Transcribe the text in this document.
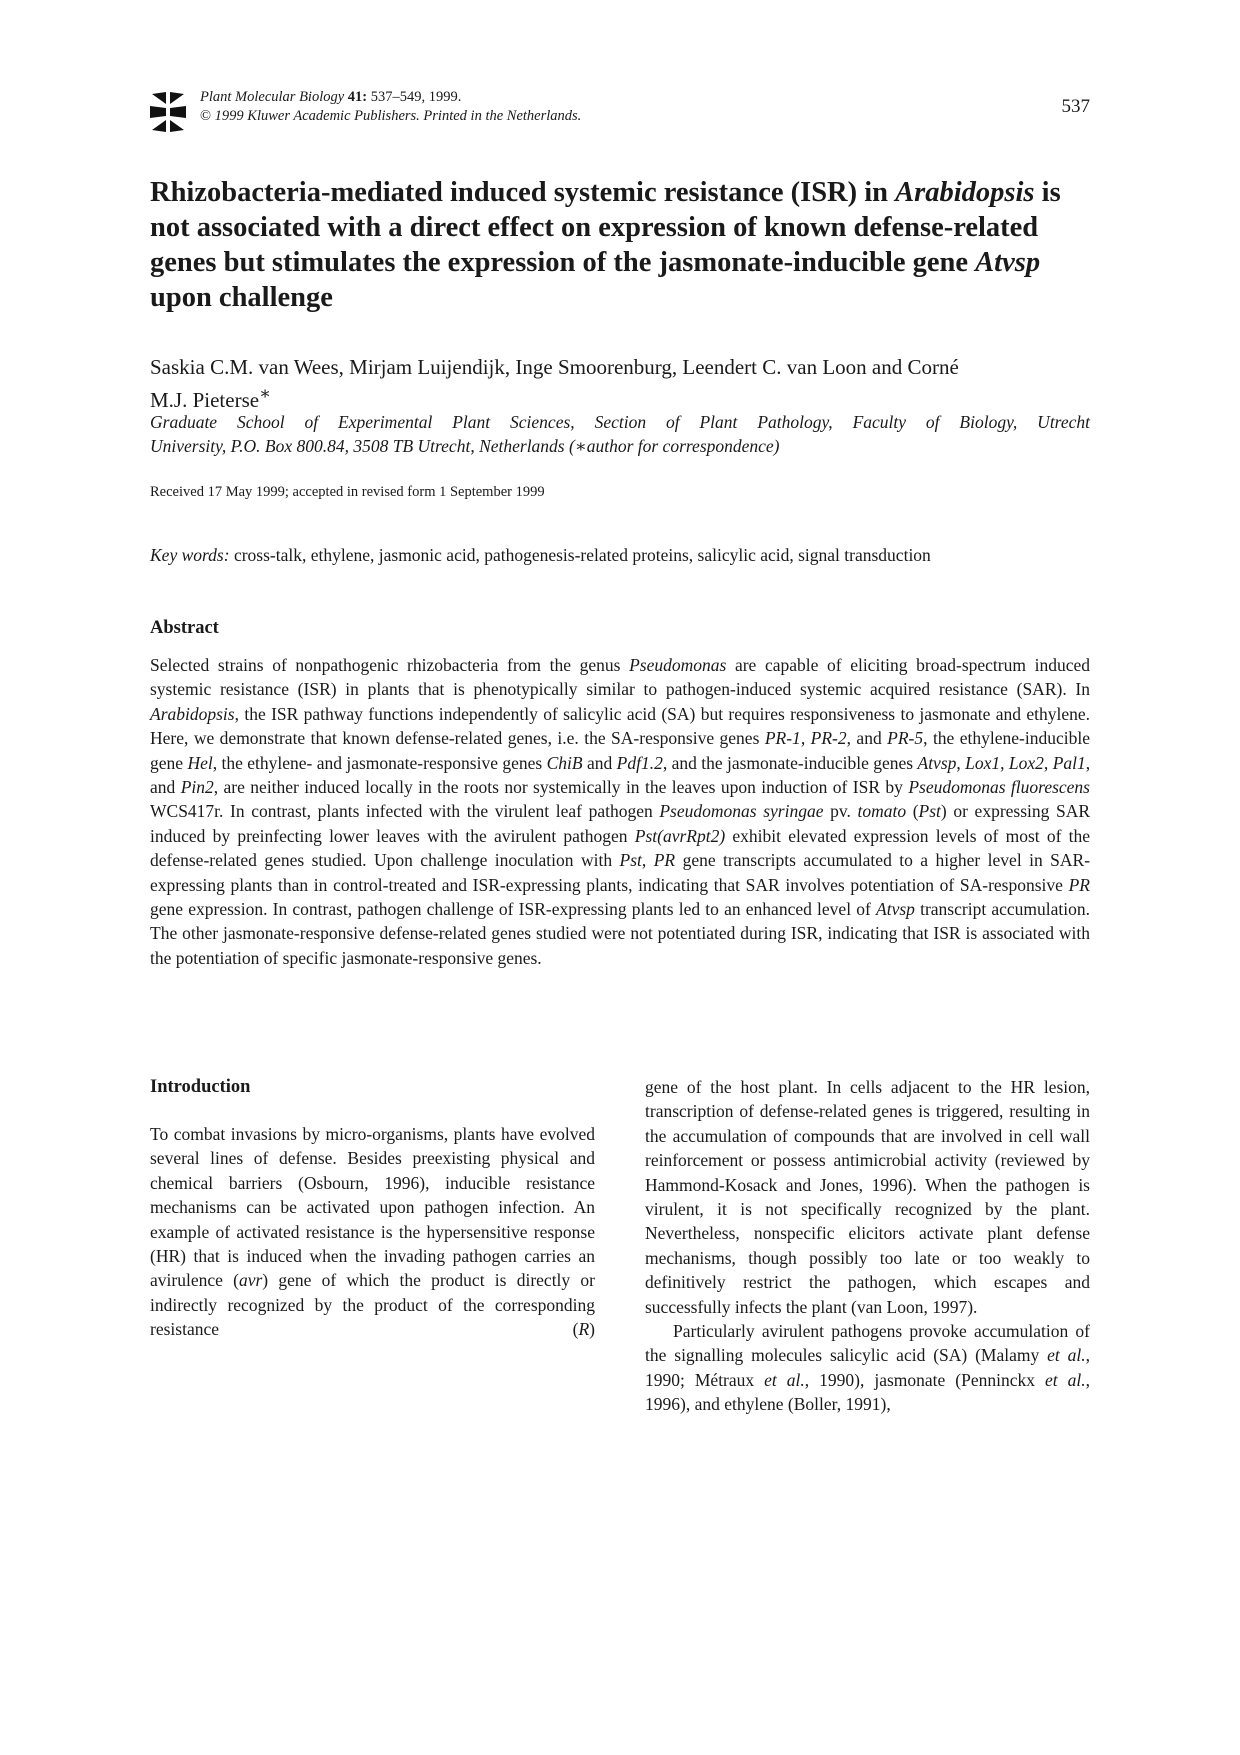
Plant Molecular Biology 41: 537–549, 1999.
© 1999 Kluwer Academic Publishers. Printed in the Netherlands.	537
Rhizobacteria-mediated induced systemic resistance (ISR) in Arabidopsis is not associated with a direct effect on expression of known defense-related genes but stimulates the expression of the jasmonate-inducible gene Atvsp upon challenge
Saskia C.M. van Wees, Mirjam Luijendijk, Inge Smoorenburg, Leendert C. van Loon and Corné
M.J. Pieterse∗
Graduate School of Experimental Plant Sciences, Section of Plant Pathology, Faculty of Biology, Utrecht
University, P.O. Box 800.84, 3508 TB Utrecht, Netherlands (∗author for correspondence)
Received 17 May 1999; accepted in revised form 1 September 1999
Key words: cross-talk, ethylene, jasmonic acid, pathogenesis-related proteins, salicylic acid, signal transduction
Abstract

Selected strains of nonpathogenic rhizobacteria from the genus Pseudomonas are capable of eliciting broad-spectrum induced systemic resistance (ISR) in plants that is phenotypically similar to pathogen-induced systemic acquired resistance (SAR). In Arabidopsis, the ISR pathway functions independently of salicylic acid (SA) but requires responsiveness to jasmonate and ethylene. Here, we demonstrate that known defense-related genes, i.e. the SA-responsive genes PR-1, PR-2, and PR-5, the ethylene-inducible gene Hel, the ethylene- and jasmonate-responsive genes ChiB and Pdf1.2, and the jasmonate-inducible genes Atvsp, Lox1, Lox2, Pal1, and Pin2, are neither induced locally in the roots nor systemically in the leaves upon induction of ISR by Pseudomonas fluorescens WCS417r. In contrast, plants infected with the virulent leaf pathogen Pseudomonas syringae pv. tomato (Pst) or expressing SAR induced by preinfecting lower leaves with the avirulent pathogen Pst(avrRpt2) exhibit elevated expression levels of most of the defense-related genes studied. Upon challenge inoculation with Pst, PR gene transcripts accumulated to a higher level in SAR-expressing plants than in control-treated and ISR-expressing plants, indicating that SAR involves potentiation of SA-responsive PR gene expression. In contrast, pathogen challenge of ISR-expressing plants led to an enhanced level of Atvsp transcript accumulation. The other jasmonate-responsive defense-related genes studied were not potentiated during ISR, indicating that ISR is associated with the potentiation of specific jasmonate-responsive genes.

Introduction

To combat invasions by micro-organisms, plants have evolved several lines of defense. Besides preexisting physical and chemical barriers (Osbourn, 1996), inducible resistance mechanisms can be activated upon pathogen infection. An example of activated resistance is the hypersensitive response (HR) that is induced when the invading pathogen carries an avirulence (avr) gene of which the product is directly or indirectly recognized by the product of the corresponding resistance (R)

gene of the host plant. In cells adjacent to the HR lesion, transcription of defense-related genes is triggered, resulting in the accumulation of compounds that are involved in cell wall reinforcement or possess antimicrobial activity (reviewed by Hammond-Kosack and Jones, 1996). When the pathogen is virulent, it is not specifically recognized by the plant. Nevertheless, nonspecific elicitors activate plant defense mechanisms, though possibly too late or too weakly to definitively restrict the pathogen, which escapes and successfully infects the plant (van Loon, 1997).

Particularly avirulent pathogens provoke accumulation of the signalling molecules salicylic acid (SA) (Malamy et al., 1990; Métraux et al., 1990), jasmonate (Penninckx et al., 1996), and ethylene (Boller, 1991),
